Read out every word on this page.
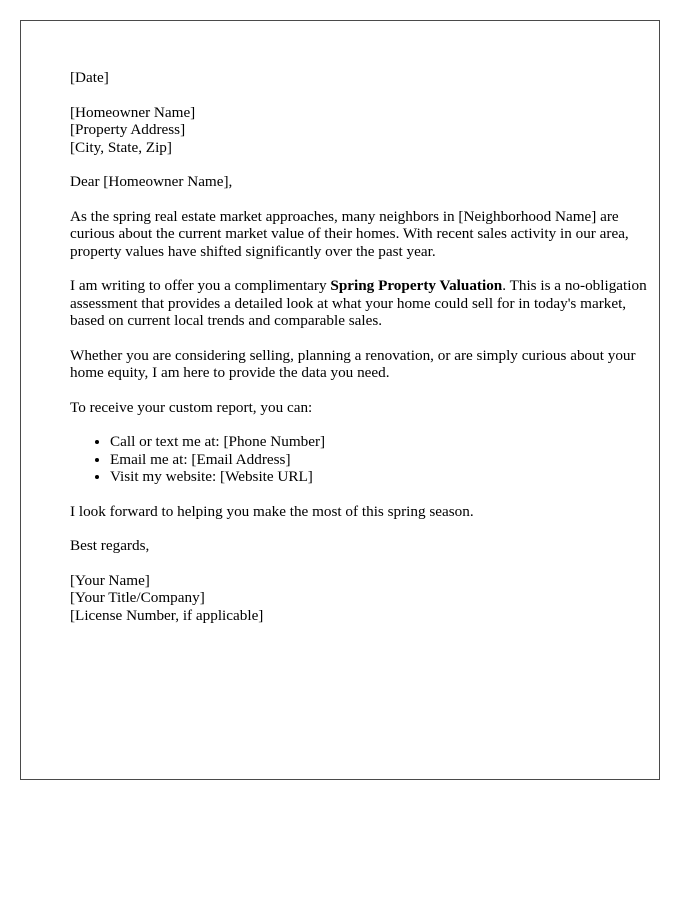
[Date]

[Homeowner Name]
[Property Address]
[City, State, Zip]

Dear [Homeowner Name],

As the spring real estate market approaches, many neighbors in [Neighborhood Name] are curious about the current market value of their homes. With recent sales activity in our area, property values have shifted significantly over the past year.

I am writing to offer you a complimentary Spring Property Valuation. This is a no-obligation assessment that provides a detailed look at what your home could sell for in today's market, based on current local trends and comparable sales.

Whether you are considering selling, planning a renovation, or are simply curious about your home equity, I am here to provide the data you need.

To receive your custom report, you can:

• Call or text me at: [Phone Number]
• Email me at: [Email Address]
• Visit my website: [Website URL]

I look forward to helping you make the most of this spring season.

Best regards,

[Your Name]
[Your Title/Company]
[License Number, if applicable]
